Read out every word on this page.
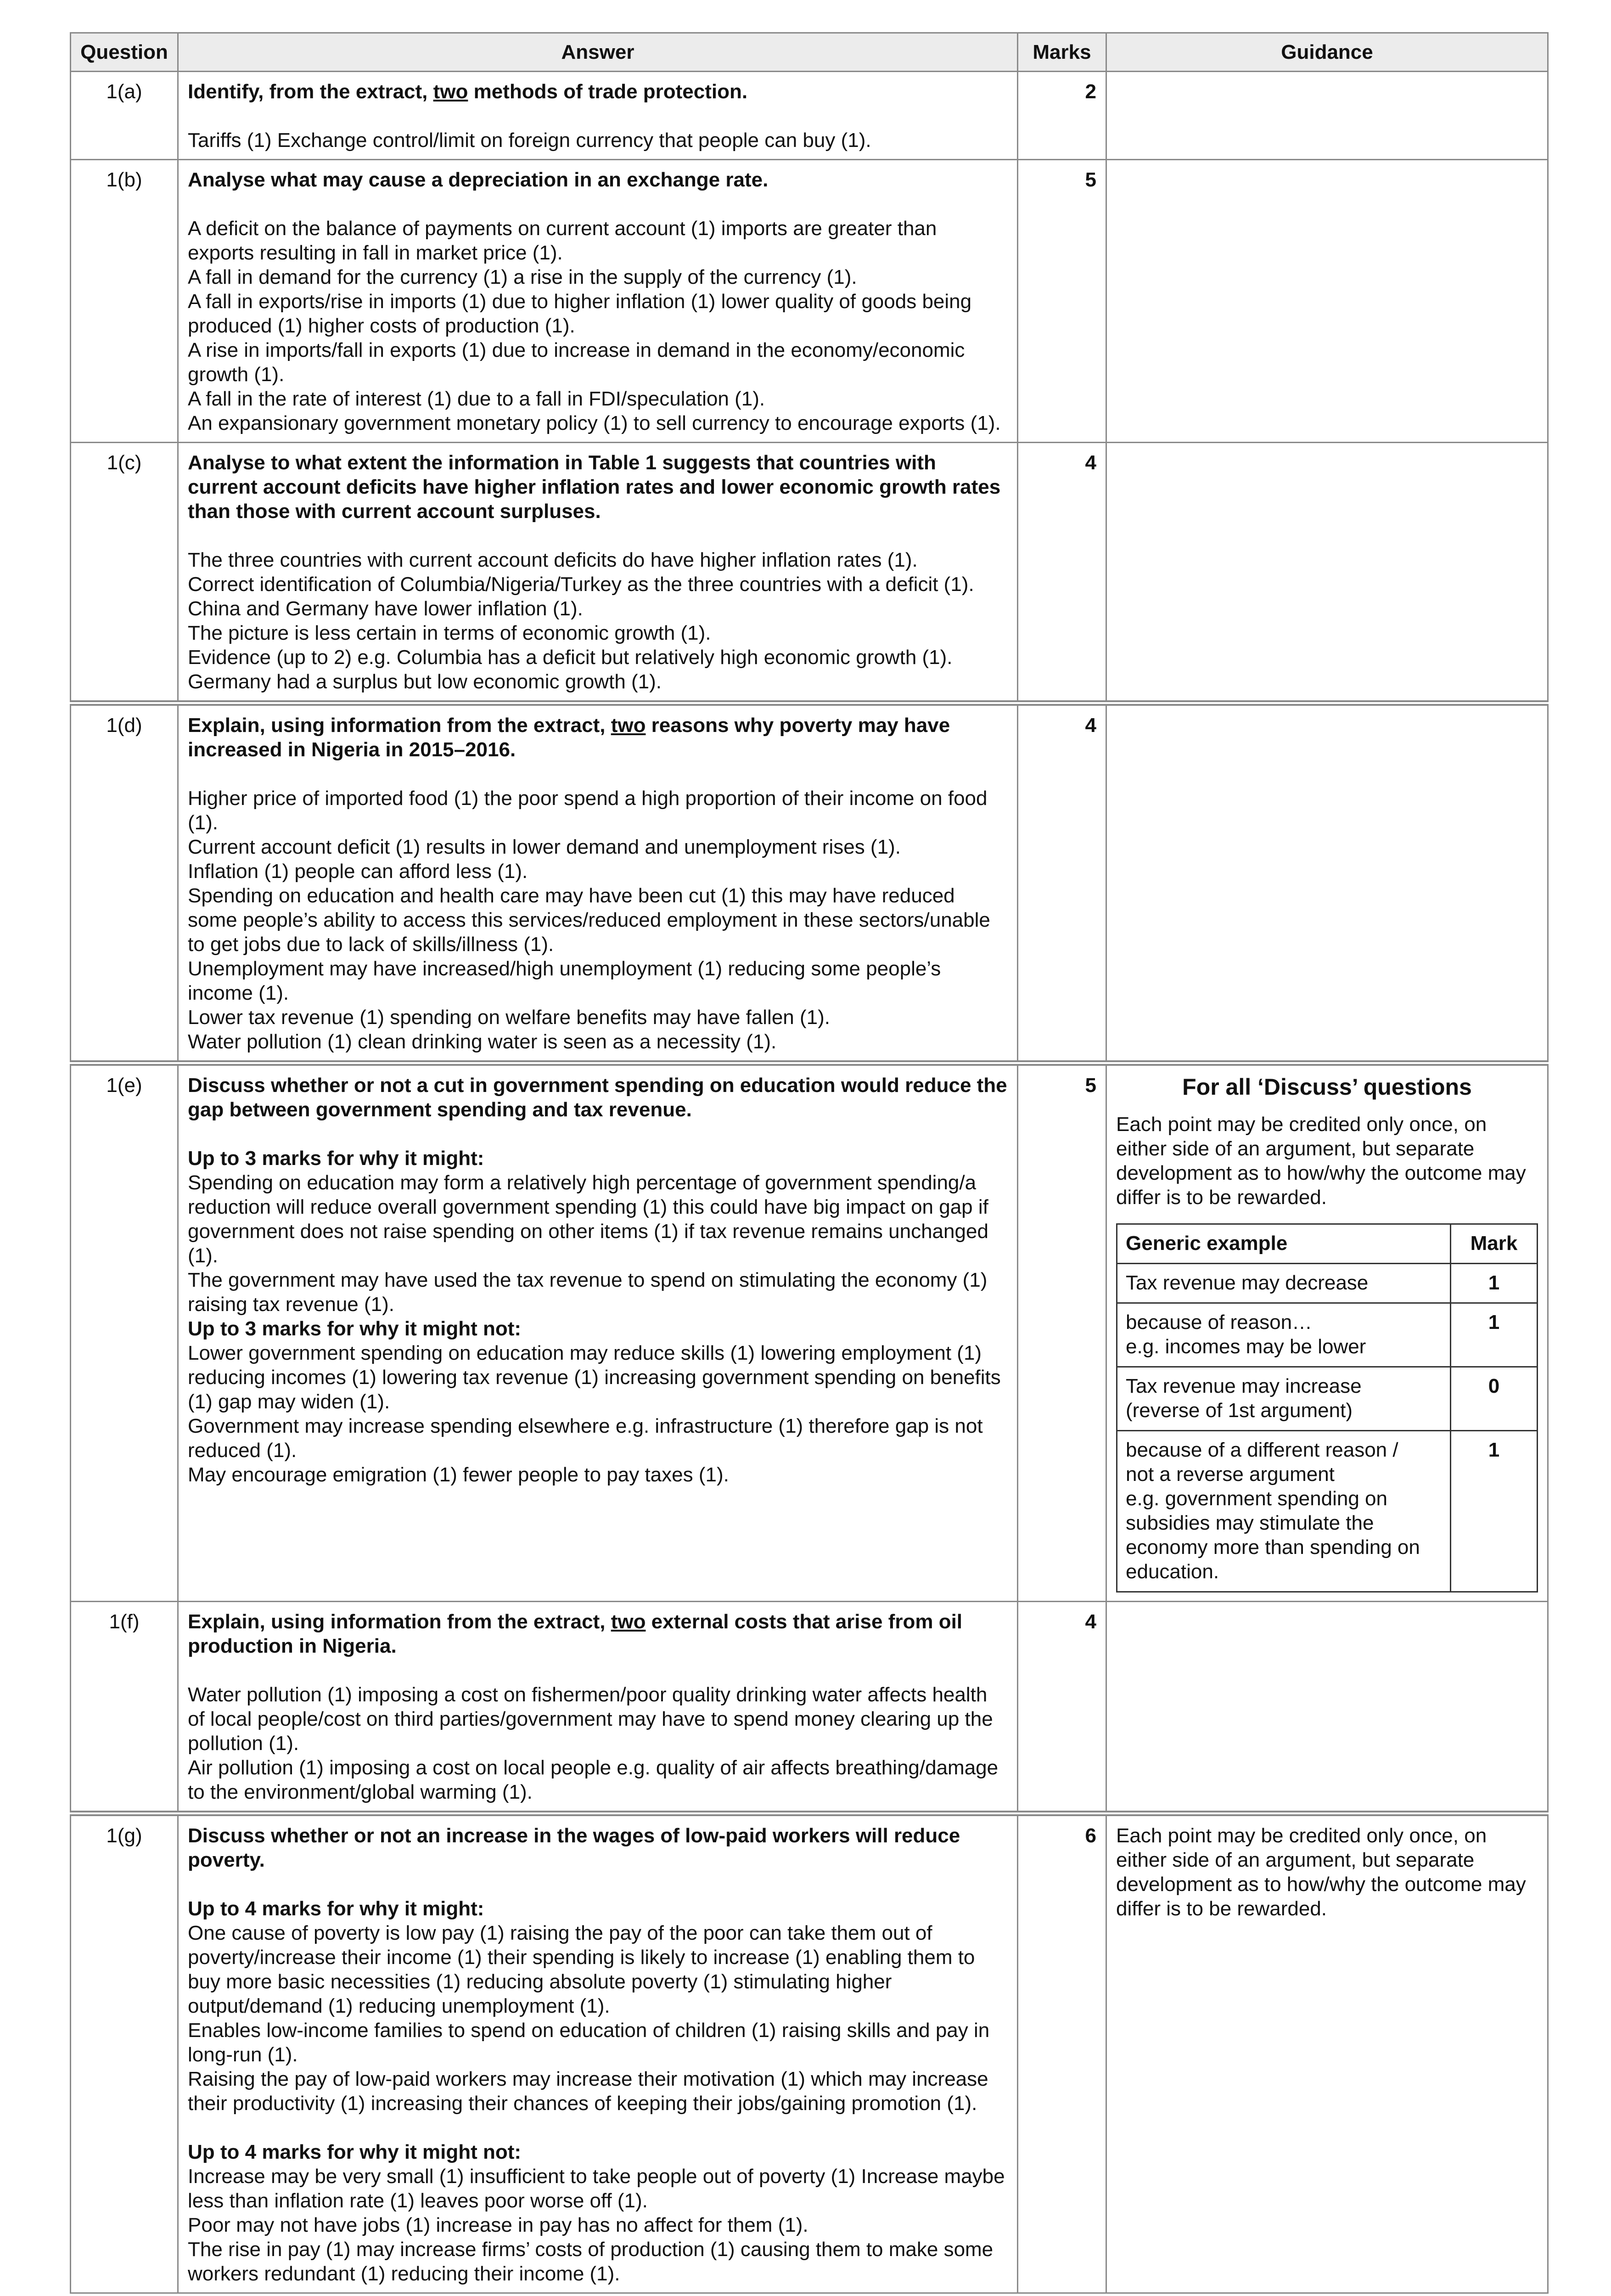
Question	Answer	Marks	Guidance
1(a)	Identify, from the extract, two methods of trade protection.
Tariffs (1) Exchange control/limit on foreign currency that people can buy (1).
	2	
1(b)	Analyse what may cause a depreciation in an exchange rate.
A deficit on the balance of payments on current account (1) imports are greater than exports resulting in fall in market price (1).
A fall in demand for the currency (1) a rise in the supply of the currency (1).
A fall in exports/rise in imports (1) due to higher inflation (1) lower quality of goods being produced (1) higher costs of production (1).
A rise in imports/fall in exports (1) due to increase in demand in the economy/economic growth (1).
A fall in the rate of interest (1) due to a fall in FDI/speculation (1).
An expansionary government monetary policy (1) to sell currency to encourage exports (1).
	5	
1(c)	Analyse to what extent the information in Table 1 suggests that countries with current account deficits have higher inflation rates and lower economic growth rates than those with current account surpluses.
The three countries with current account deficits do have higher inflation rates (1).
Correct identification of Columbia/Nigeria/Turkey as the three countries with a deficit (1).
China and Germany have lower inflation (1).
The picture is less certain in terms of economic growth (1).
Evidence (up to 2) e.g. Columbia has a deficit but relatively high economic growth (1).
Germany had a surplus but low economic growth (1).
	4	
1(d)	Explain, using information from the extract, two reasons why poverty may have increased in Nigeria in 2015–2016.
Higher price of imported food (1) the poor spend a high proportion of their income on food (1).
Current account deficit (1) results in lower demand and unemployment rises (1).
Inflation (1) people can afford less (1).
Spending on education and health care may have been cut (1) this may have reduced some people’s ability to access this services/reduced employment in these sectors/unable to get jobs due to lack of skills/illness (1).
Unemployment may have increased/high unemployment (1) reducing some people’s income (1).
Lower tax revenue (1) spending on welfare benefits may have fallen (1).
Water pollution (1) clean drinking water is seen as a necessity (1).
	4	
1(e)	Discuss whether or not a cut in government spending on education would reduce the gap between government spending and tax revenue.
Up to 3 marks for why it might:
Spending on education may form a relatively high percentage of government spending/a reduction will reduce overall government spending (1) this could have big impact on gap if government does not raise spending on other items (1) if tax revenue remains unchanged (1).
The government may have used the tax revenue to spend on stimulating the economy (1) raising tax revenue (1).
Up to 3 marks for why it might not:
Lower government spending on education may reduce skills (1) lowering employment (1) reducing incomes (1) lowering tax revenue (1) increasing government spending on benefits (1) gap may widen (1).
Government may increase spending elsewhere e.g. infrastructure (1) therefore gap is not reduced (1).
May encourage emigration (1) fewer people to pay taxes (1).
	5	For all ‘Discuss’ questions
Each point may be credited only once, on either side of an argument, but separate development as to how/why the outcome may differ is to be rewarded.
Generic example	Mark
Tax revenue may decrease	1
because of reason…
e.g. incomes may be lower	1
Tax revenue may increase
(reverse of 1st argument)	0
because of a different reason /
not a reverse argument
e.g. government spending on
subsidies may stimulate the
economy more than spending on
education.	1

1(f)	Explain, using information from the extract, two external costs that arise from oil production in Nigeria.
Water pollution (1) imposing a cost on fishermen/poor quality drinking water affects health of local people/cost on third parties/government may have to spend money clearing up the pollution (1).
Air pollution (1) imposing a cost on local people e.g. quality of air affects breathing/damage to the environment/global warming (1).
	4	
1(g)	Discuss whether or not an increase in the wages of low-paid workers will reduce poverty.
Up to 4 marks for why it might:
One cause of poverty is low pay (1) raising the pay of the poor can take them out of poverty/increase their income (1) their spending is likely to increase (1) enabling them to buy more basic necessities (1) reducing absolute poverty (1) stimulating higher output/demand (1) reducing unemployment (1).
Enables low-income families to spend on education of children (1) raising skills and pay in long-run (1).
Raising the pay of low-paid workers may increase their motivation (1) which may increase their productivity (1) increasing their chances of keeping their jobs/gaining promotion (1).
Up to 4 marks for why it might not:
Increase may be very small (1) insufficient to take people out of poverty (1) Increase maybe less than inflation rate (1) leaves poor worse off (1).
Poor may not have jobs (1) increase in pay has no affect for them (1).
The rise in pay (1) may increase firms’ costs of production (1) causing them to make some workers redundant (1) reducing their income (1).
	6	Each point may be credited only once, on either side of an argument, but separate development as to how/why the outcome may differ is to be rewarded.
